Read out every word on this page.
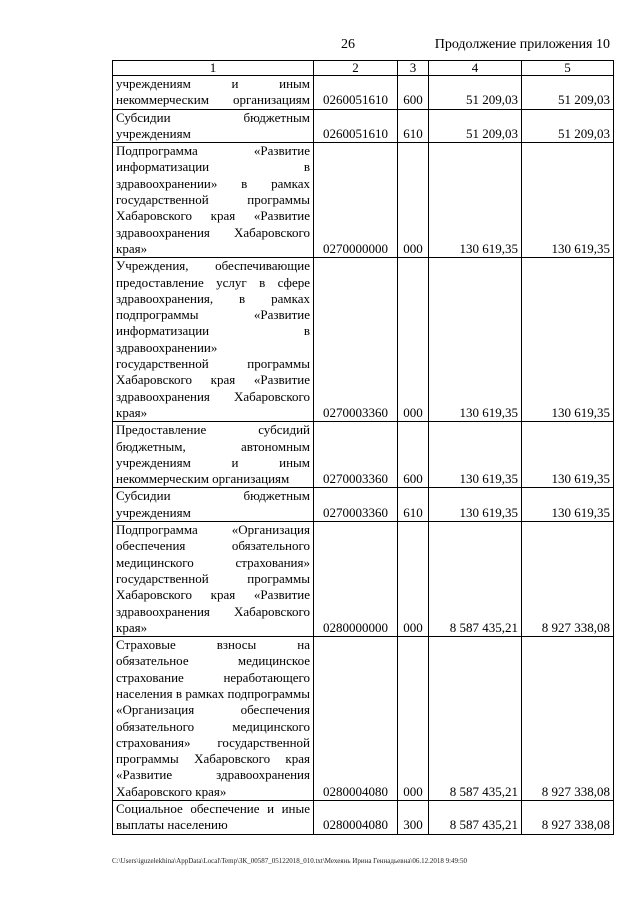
26	Продолжение приложения 10
1	2	3	4	5
учреждениям и иным некоммерческим организациям	0260051610	600	51 209,03	51 209,03
Субсидии бюджетным учреждениям	0260051610	610	51 209,03	51 209,03
Подпрограмма «Развитие информатизации в здравоохранении» в рамках государственной программы Хабаровского края «Развитие здравоохранения Хабаровского края»	0270000000	000	130 619,35	130 619,35
Учреждения, обеспечивающие предоставление услуг в сфере здравоохранения, в рамках подпрограммы «Развитие информатизации в здравоохранении» государственной программы Хабаровского края «Развитие здравоохранения Хабаровского края»	0270003360	000	130 619,35	130 619,35
Предоставление субсидий бюджетным, автономным учреждениям и иным некоммерческим организациям	0270003360	600	130 619,35	130 619,35
Субсидии бюджетным учреждениям	0270003360	610	130 619,35	130 619,35
Подпрограмма «Организация обеспечения обязательного медицинского страхования» государственной программы Хабаровского края «Развитие здравоохранения Хабаровского края»	0280000000	000	8 587 435,21	8 927 338,08
Страховые взносы на обязательное медицинское страхование неработающего населения в рамках подпрограммы «Организация обеспечения обязательного медицинского страхования» государственной программы Хабаровского края «Развитие здравоохранения Хабаровского края»	0280004080	000	8 587 435,21	8 927 338,08
Социальное обеспечение и иные выплаты населению	0280004080	300	8 587 435,21	8 927 338,08
C:\Users\iguzelekhina\AppData\Local\Temp\ЗК_00587_05122018_010.txt\Мехеянь Ирина Геннадьевна\06.12.2018 9:49:50
